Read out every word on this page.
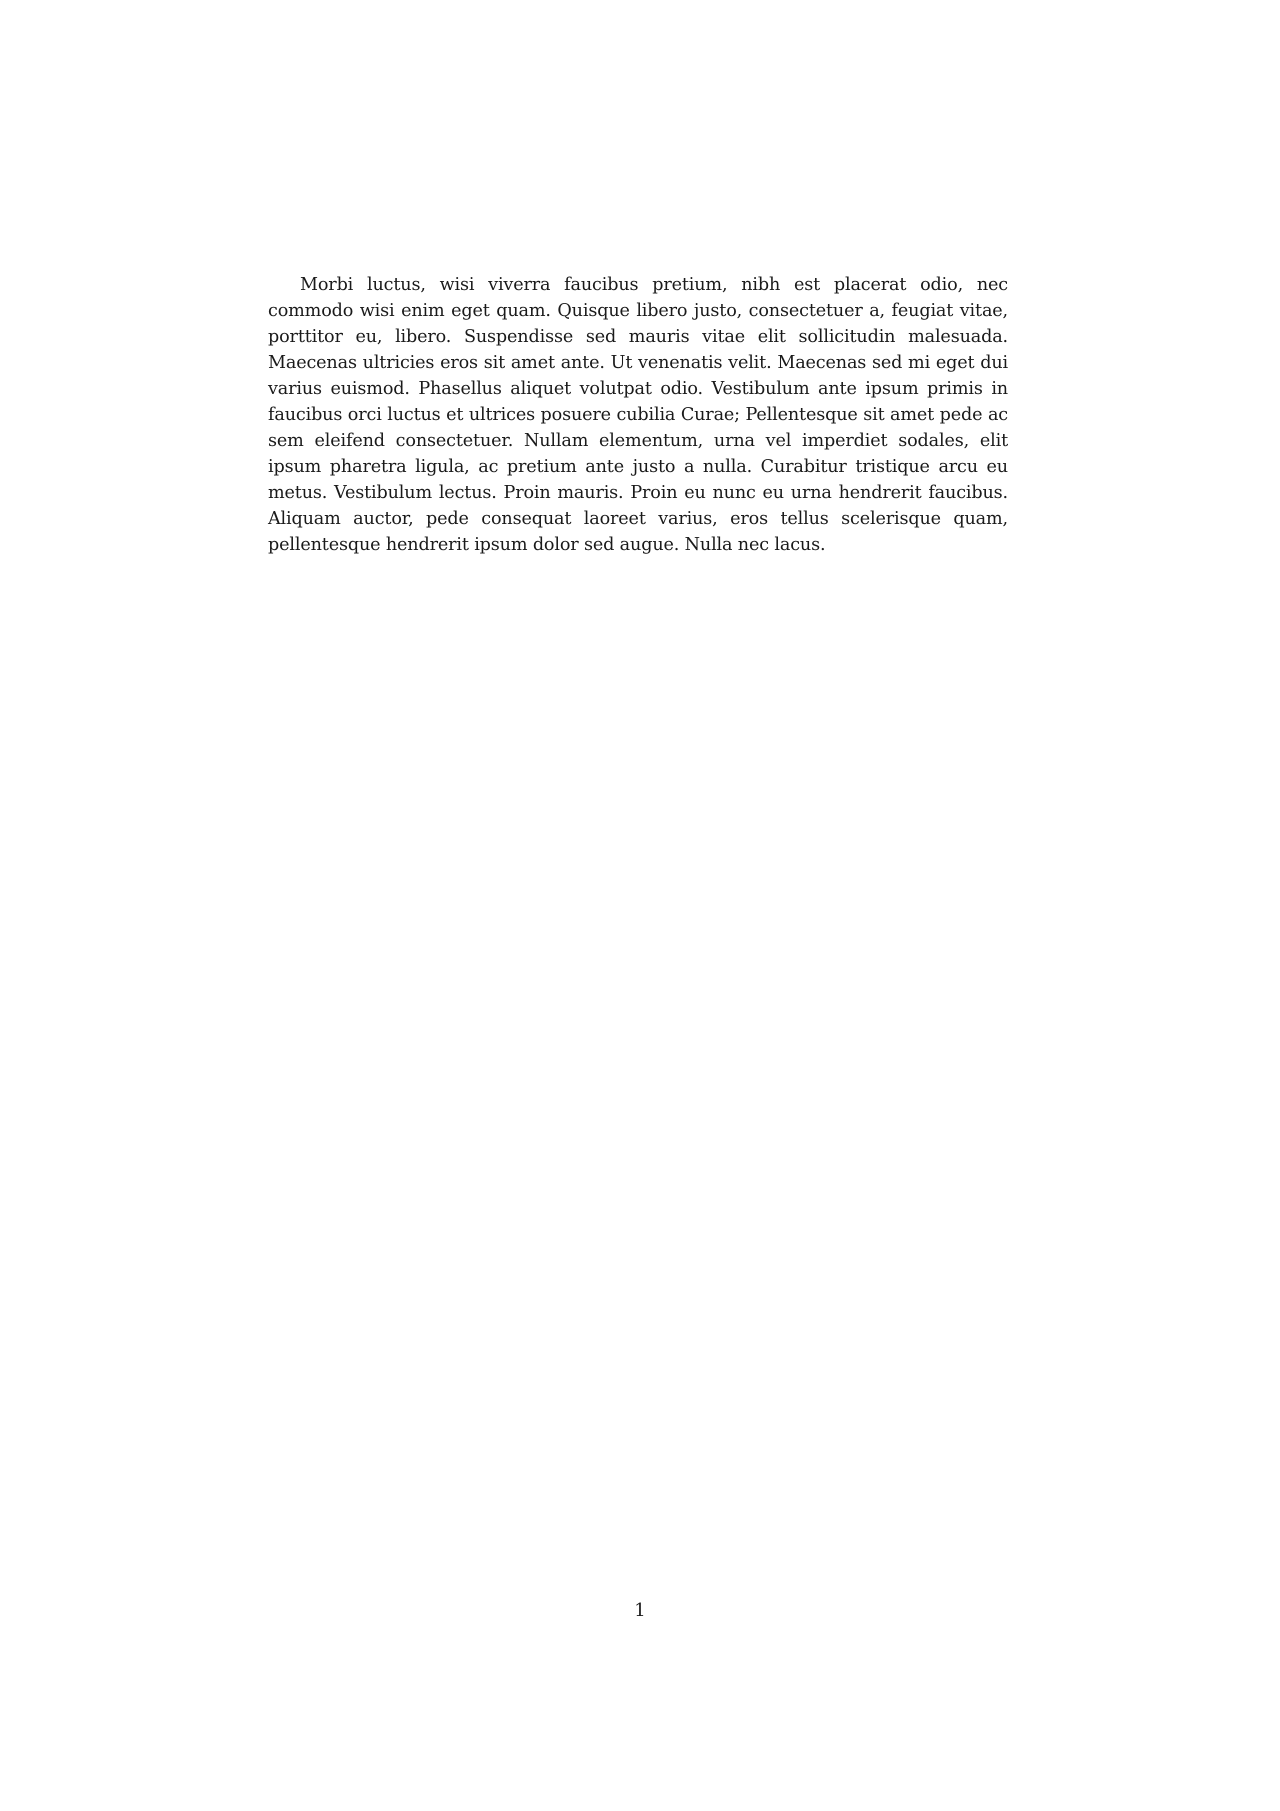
Morbi luctus, wisi viverra faucibus pretium, nibh est placerat odio, nec commodo wisi enim eget quam. Quisque libero justo, consectetuer a, feugiat vitae, porttitor eu, libero. Suspendisse sed mauris vitae elit sollicitudin malesuada. Maecenas ultricies eros sit amet ante. Ut venenatis velit. Maecenas sed mi eget dui varius euismod. Phasellus aliquet volutpat odio. Vestibulum ante ipsum primis in faucibus orci luctus et ultrices posuere cubilia Curae; Pellentesque sit amet pede ac sem eleifend consectetuer. Nullam elementum, urna vel imperdiet sodales, elit ipsum pharetra ligula, ac pretium ante justo a nulla. Curabitur tristique arcu eu metus. Vestibulum lectus. Proin mauris. Proin eu nunc eu urna hendrerit faucibus. Aliquam auctor, pede consequat laoreet varius, eros tellus scelerisque quam, pellentesque hendrerit ipsum dolor sed augue. Nulla nec lacus.

1
